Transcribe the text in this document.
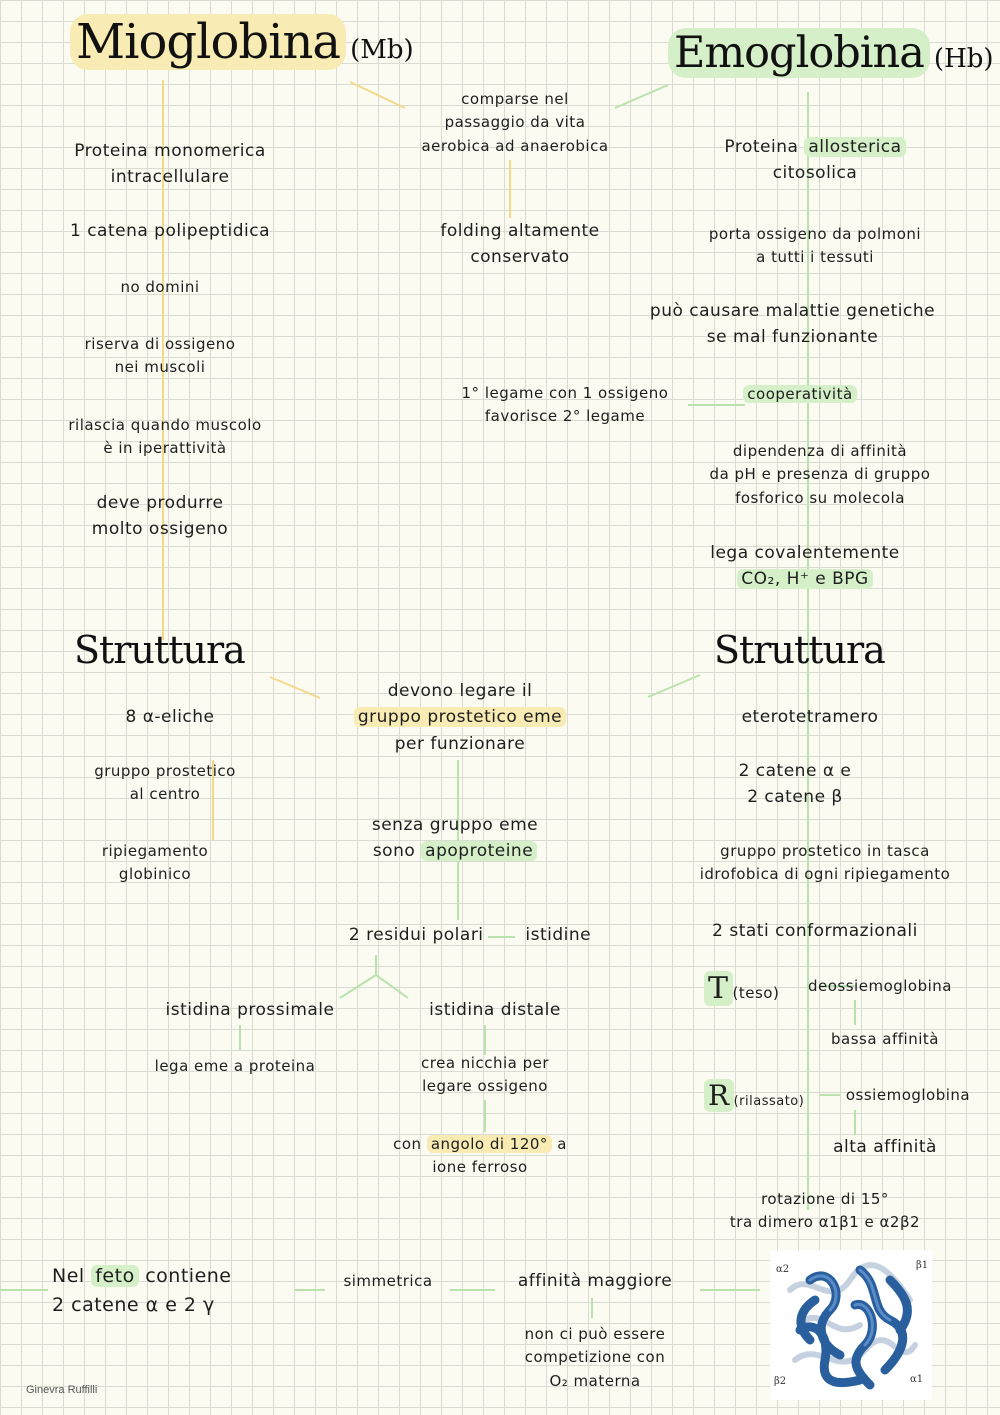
Mioglobina (Mb)	Emoglobina (Hb)
comparse nel
passaggio da vita
aerobica ad anaerobica
folding altamente
conservato
1° legame con 1 ossigeno
favorisce 2° legame
Proteina monomerica
intracellulare
1 catena polipeptidica
no domini
riserva di ossigeno
nei muscoli
rilascia quando muscolo
è in iperattività
deve produrre
molto ossigeno
Proteina allosterica
citosolica
porta ossigeno da polmoni
a tutti i tessuti
può causare malattie genetiche
se mal funzionante
cooperatività
dipendenza di affinità
da pH e presenza di gruppo
fosforico su molecola
lega covalentemente
CO₂, H⁺ e BPG
Struttura	Struttura
8 α-eliche
gruppo prostetico
al centro
ripiegamento
globinico
devono legare il
gruppo prostetico eme
per funzionare
senza gruppo eme
sono apoproteine
2 residui polari istidine
istidina prossimale	istidina distale
lega eme a proteina	crea nicchia per
legare ossigeno
con angolo di 120° a
ione ferroso
eterotetramero
2 catene α e
2 catene β
gruppo prostetico in tasca
idrofobica di ogni ripiegamento
2 stati conformazionali
T (teso)	deossiemoglobina
bassa affinità
R (rilassato)	ossiemoglobina
alta affinità
rotazione di 15°
tra dimero α1β1 e α2β2
Nel feto contiene
2 catene α e 2 γ
simmetrica	affinità maggiore
non ci può essere
competizione con
O₂ materna
α2	β1
β2	α1
Ginevra Ruffilli
